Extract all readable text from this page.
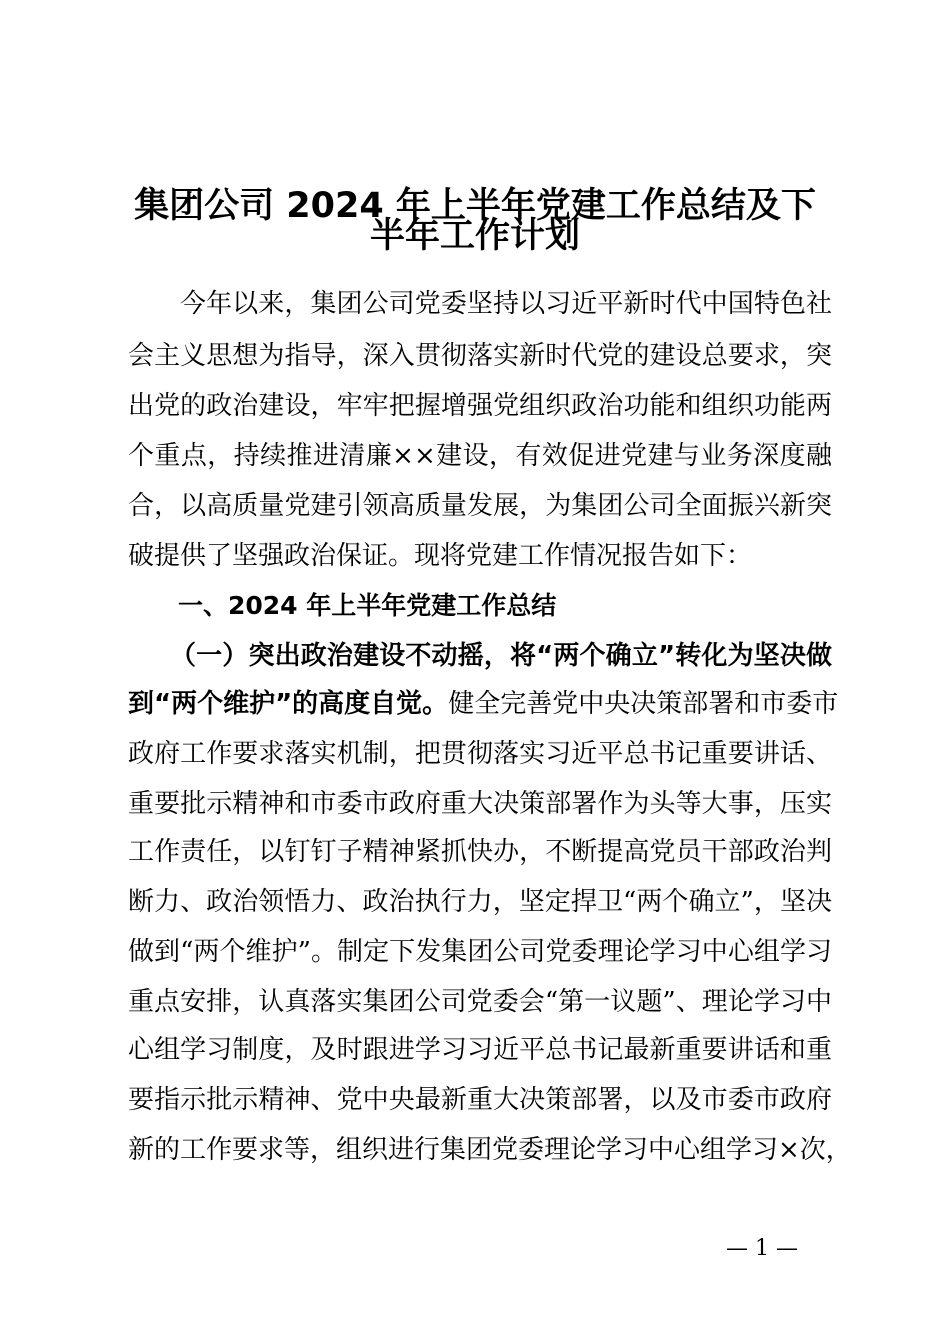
集团公司 2024 年上半年党建工作总结及下
半年工作计划

今年以来，集团公司党委坚持以习近平新时代中国特色社

会主义思想为指导，深入贯彻落实新时代党的建设总要求，突

出党的政治建设，牢牢把握增强党组织政治功能和组织功能两

个重点，持续推进清廉××建设，有效促进党建与业务深度融

合，以高质量党建引领高质量发展，为集团公司全面振兴新突

破提供了坚强政治保证。现将党建工作情况报告如下：

一、2024 年上半年党建工作总结

（一）突出政治建设不动摇，将“两个确立”转化为坚决做

到“两个维护”的高度自觉。健全完善党中央决策部署和市委市

政府工作要求落实机制，把贯彻落实习近平总书记重要讲话、

重要批示精神和市委市政府重大决策部署作为头等大事，压实

工作责任，以钉钉子精神紧抓快办，不断提高党员干部政治判

断力、政治领悟力、政治执行力，坚定捍卫“两个确立”，坚决

做到“两个维护”。制定下发集团公司党委理论学习中心组学习

重点安排，认真落实集团公司党委会“第一议题”、理论学习中

心组学习制度，及时跟进学习习近平总书记最新重要讲话和重

要指示批示精神、党中央最新重大决策部署，以及市委市政府

新的工作要求等，组织进行集团党委理论学习中心组学习×次，

— 1 —
